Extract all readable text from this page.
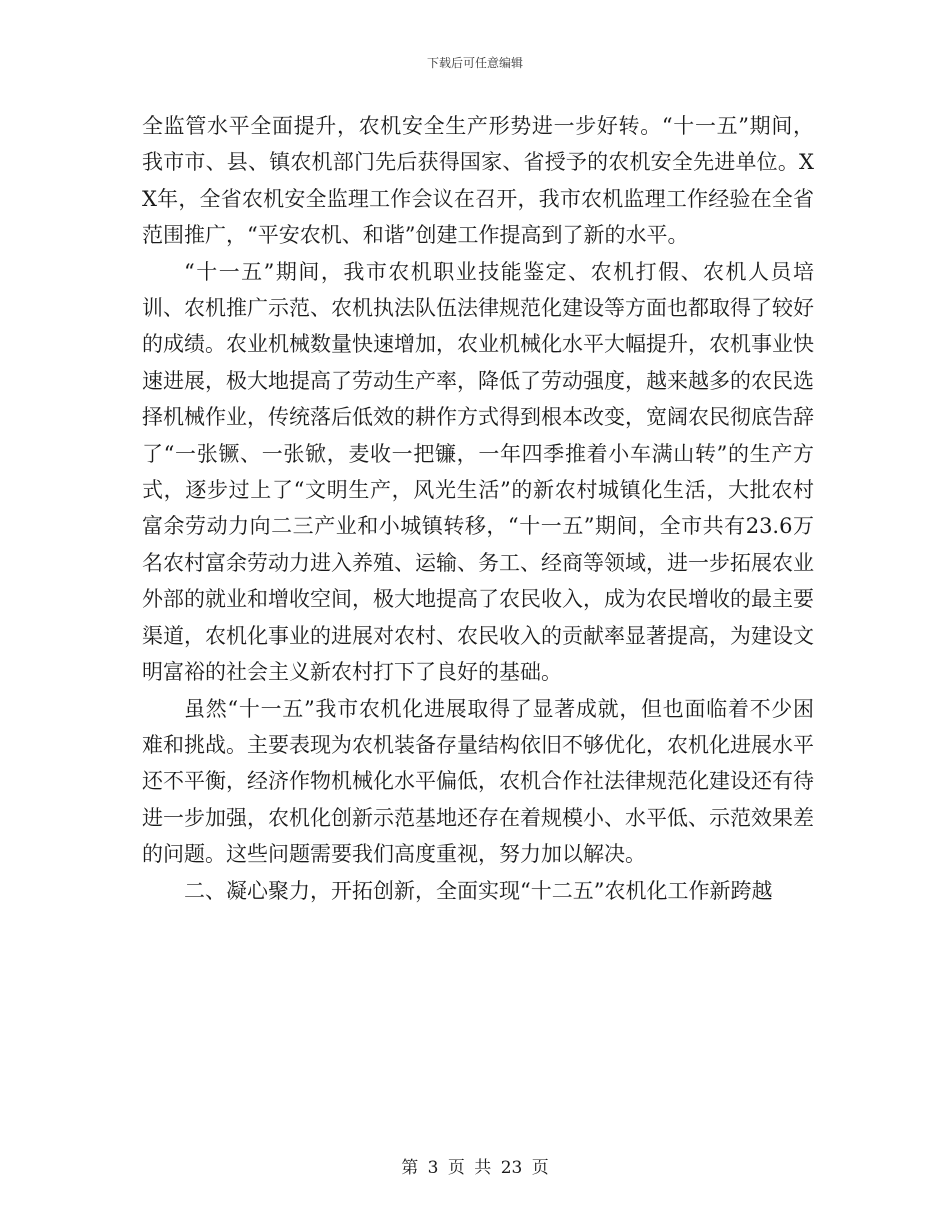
下载后可任意编辑

全监管水平全面提升，农机安全生产形势进一步好转。“十一五”期间，我市市、县、镇农机部门先后获得国家、省授予的农机安全先进单位。XX年，全省农机安全监理工作会议在召开，我市农机监理工作经验在全省范围推广，“平安农机、和谐”创建工作提高到了新的水平。

“十一五”期间，我市农机职业技能鉴定、农机打假、农机人员培训、农机推广示范、农机执法队伍法律规范化建设等方面也都取得了较好的成绩。农业机械数量快速增加，农业机械化水平大幅提升，农机事业快速进展，极大地提高了劳动生产率，降低了劳动强度，越来越多的农民选择机械作业，传统落后低效的耕作方式得到根本改变，宽阔农民彻底告辞了“一张镢、一张锨，麦收一把镰，一年四季推着小车满山转”的生产方式，逐步过上了“文明生产，风光生活”的新农村城镇化生活，大批农村富余劳动力向二三产业和小城镇转移，“十一五”期间，全市共有23.6万名农村富余劳动力进入养殖、运输、务工、经商等领域，进一步拓展农业外部的就业和增收空间，极大地提高了农民收入，成为农民增收的最主要渠道，农机化事业的进展对农村、农民收入的贡献率显著提高，为建设文明富裕的社会主义新农村打下了良好的基础。

虽然“十一五”我市农机化进展取得了显著成就，但也面临着不少困难和挑战。主要表现为农机装备存量结构依旧不够优化，农机化进展水平还不平衡，经济作物机械化水平偏低，农机合作社法律规范化建设还有待进一步加强，农机化创新示范基地还存在着规模小、水平低、示范效果差的问题。这些问题需要我们高度重视，努力加以解决。

二、凝心聚力，开拓创新，全面实现“十二五”农机化工作新跨越

第 3 页 共 23 页
